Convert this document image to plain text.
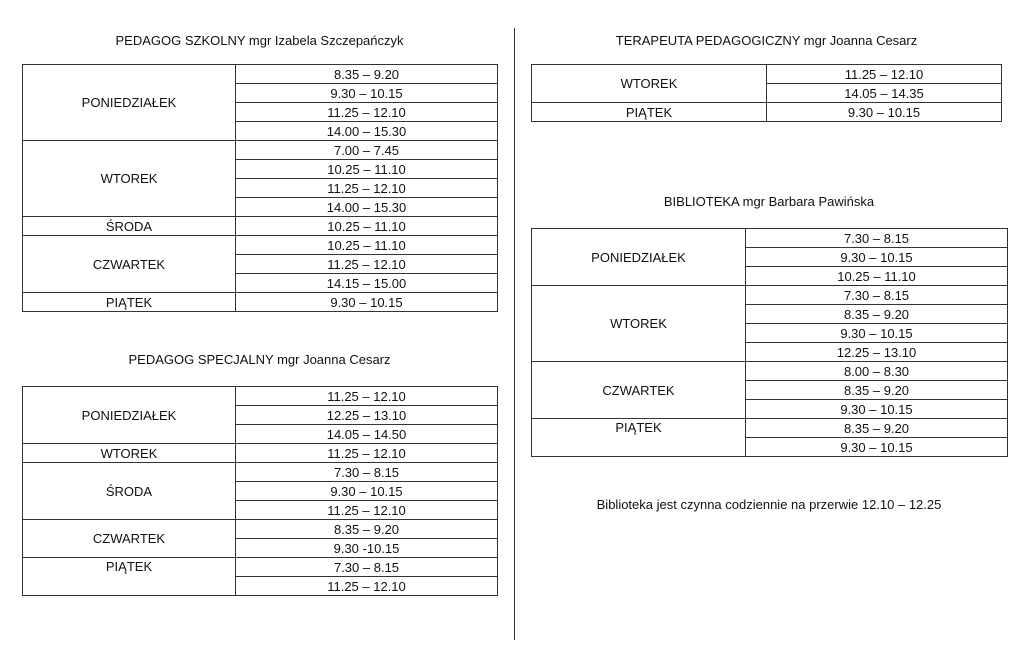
PEDAGOG SZKOLNY mgr Izabela Szczepańczyk
PONIEDZIAŁEK	8.35 – 9.20
	9.30 – 10.15
	11.25 – 12.10
	14.00 – 15.30
WTOREK	7.00 – 7.45
	10.25 – 11.10
	11.25 – 12.10
	14.00 – 15.30
ŚRODA	10.25 – 11.10
CZWARTEK	10.25 – 11.10
	11.25 – 12.10
	14.15 – 15.00
PIĄTEK	9.30 – 10.15
PEDAGOG SPECJALNY mgr Joanna Cesarz
PONIEDZIAŁEK	11.25 – 12.10
	12.25 – 13.10
	14.05 – 14.50
WTOREK	11.25 – 12.10
ŚRODA	7.30 – 8.15
	9.30 – 10.15
	11.25 – 12.10
CZWARTEK	8.35 – 9.20
	9.30 -10.15
PIĄTEK	7.30 – 8.15
	11.25 – 12.10
TERAPEUTA PEDAGOGICZNY mgr Joanna Cesarz
WTOREK	11.25 – 12.10
	14.05 – 14.35
PIĄTEK	9.30 – 10.15
BIBLIOTEKA mgr Barbara Pawińska
PONIEDZIAŁEK	7.30 – 8.15
	9.30 – 10.15
	10.25 – 11.10
WTOREK	7.30 – 8.15
	8.35 – 9.20
	9.30 – 10.15
	12.25 – 13.10
CZWARTEK	8.00 – 8.30
	8.35 – 9.20
	9.30 – 10.15
PIĄTEK	8.35 – 9.20
	9.30 – 10.15
Biblioteka jest czynna codziennie na przerwie 12.10 – 12.25
